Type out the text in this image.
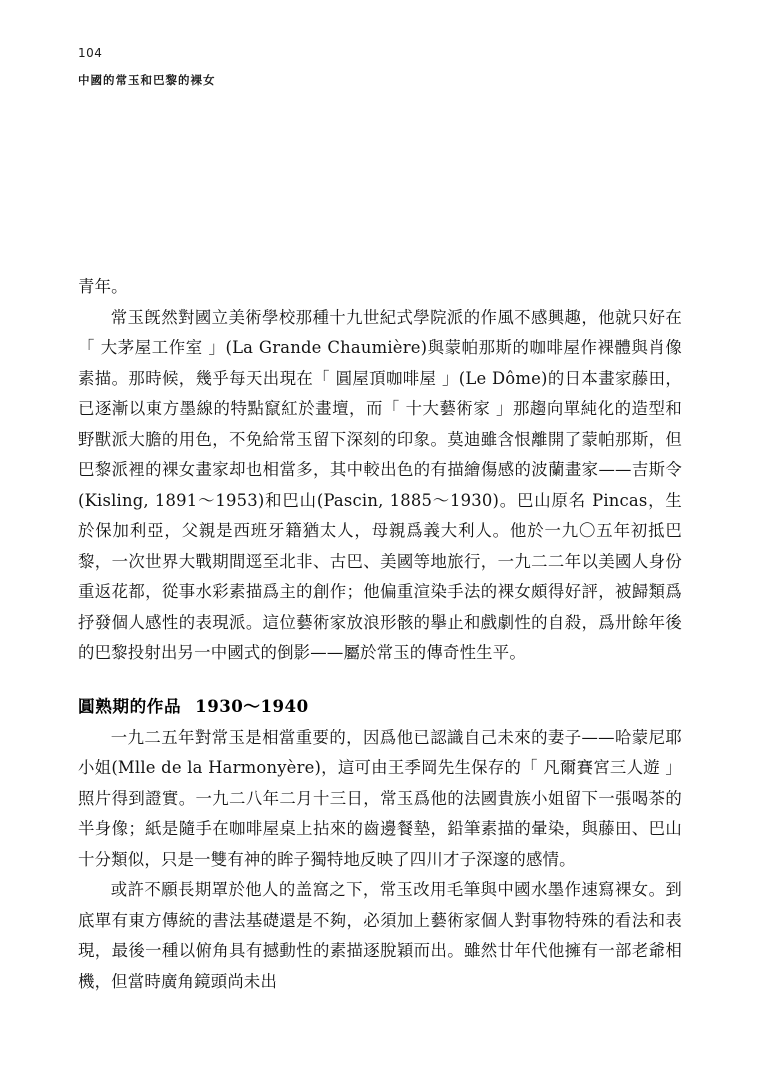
104
中國的常玉和巴黎的裸女

青年。

常玉旣然對國立美術學校那種十九世紀式學院派的作風不感興趣，他就只好在「 大茅屋工作室 」(La Grande Chaumière)與蒙帕那斯的咖啡屋作裸體與肖像素描。那時候，幾乎每天出現在「 圓屋頂咖啡屋 」(Le Dôme)的日本畫家藤田，已逐漸以東方墨線的特點竄紅於畫壇，而「 十大藝術家 」那趨向單純化的造型和野獸派大膽的用色，不免給常玉留下深刻的印象。莫迪雖含恨離開了蒙帕那斯，但巴黎派裡的裸女畫家却也相當多，其中較出色的有描繪傷感的波蘭畫家——吉斯令(Kisling, 1891～1953)和巴山(Pascin, 1885～1930)。巴山原名 Pincas，生於保加利亞，父親是西班牙籍猶太人，母親爲義大利人。他於一九〇五年初抵巴黎，一次世界大戰期間逕至北非、古巴、美國等地旅行，一九二二年以美國人身份重返花都，從事水彩素描爲主的創作；他偏重渲染手法的裸女頗得好評，被歸類爲抒發個人感性的表現派。這位藝術家放浪形骸的擧止和戲劇性的自殺，爲卅餘年後的巴黎投射出另一中國式的倒影——屬於常玉的傳奇性生平。

圓熟期的作品 1930～1940

一九二五年對常玉是相當重要的，因爲他已認識自己未來的妻子——哈蒙尼耶小姐(Mlle de la Harmonyère)，這可由王季岡先生保存的「 凡爾賽宮三人遊 」照片得到證實。一九二八年二月十三日，常玉爲他的法國貴族小姐留下一張喝茶的半身像；紙是隨手在咖啡屋桌上拈來的齒邊餐墊，鉛筆素描的暈染，與藤田、巴山十分類似，只是一雙有神的眸子獨特地反映了四川才子深邃的感情。

或許不願長期罩於他人的盖窩之下，常玉改用毛筆與中國水墨作速寫裸女。到底單有東方傳統的書法基礎還是不夠，必須加上藝術家個人對事物特殊的看法和表現，最後一種以俯角具有撼動性的素描逐脫穎而出。雖然廿年代他擁有一部老爺相機，但當時廣角鏡頭尚未出
